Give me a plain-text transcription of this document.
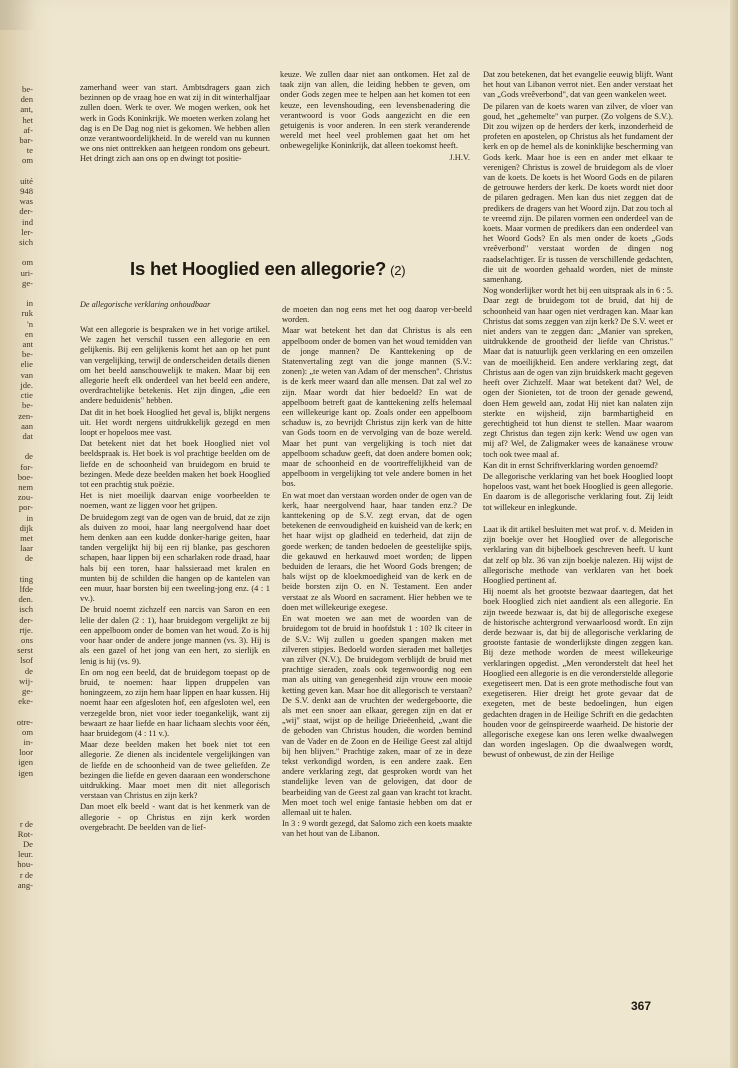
be-
den
ant,
het
af-
bar-
te
om

uité
948
was
der-
ind
ler-
sich

om
uri-
ge-

in
ruk
'n
en
ant
be-
elie
van
jde.
ctie
be-
zen-
aan
dat

de
for-
boe-
nem
zou-
por-
in
dijk
met
laar
de

ting
lfde
den.
isch
der-
rtje.
ons
serst
lsof
de
wij-
ge-
eke-

otre-
om
in-
loor
igen
igen

r de
Rot-
De
leur.
hou-
r de
ang-

zamerhand weer van start. Ambtsdragers gaan zich bezinnen op de vraag hoe en wat zij in dit winterhalfjaar zullen doen. Werk te over. We mogen werken, ook het werk in Gods Koninkrijk. We moeten werken zolang het dag is en De Dag nog niet is gekomen. We hebben allen onze verantwoordelijkheid. In de wereld van nu kunnen we ons niet onttrekken aan hetgeen rondom ons gebeurt. Het dringt zich aan ons op en dwingt tot positie-

keuze. We zullen daar niet aan ontkomen. Het zal de taak zijn van allen, die leiding hebben te geven, om onder Gods zegen mee te helpen aan het komen tot een keuze, een levenshouding, een levensbenadering die verantwoord is voor Gods aangezicht en die een getuigenis is voor anderen. In een sterk veranderende wereld met heel veel problemen gaat het om het onbewegelijke Koninkrijk, dat alleen toekomst heeft.

J.H.V.

Is het Hooglied een allegorie? (2)
De allegorische verklaring onhoudbaar

Wat een allegorie is bespraken we in het vorige artikel. We zagen het verschil tussen een allegorie en een gelijkenis. Bij een gelijkenis komt het aan op het punt van vergelijking, terwijl de onderscheiden details dienen om het beeld aanschouwelijk te maken. Maar bij een allegorie heeft elk onderdeel van het beeld een andere, overdrachtelijke betekenis. Het zijn dingen, „die een andere beduidenis" hebben.

Dat dit in het boek Hooglied het geval is, blijkt nergens uit. Het wordt nergens uitdrukkelijk gezegd en men loopt er hopeloos mee vast.

Dat betekent niet dat het boek Hooglied niet vol beeldspraak is. Het boek is vol prachtige beelden om de liefde en de schoonheid van bruidegom en bruid te bezingen. Mede deze beelden maken het boek Hooglied tot een prachtig stuk poëzie.

Het is niet moeilijk daarvan enige voorbeelden te noemen, want ze liggen voor het grijpen.

De bruidegom zegt van de ogen van de bruid, dat ze zijn als duiven zo mooi, haar lang neergolvend haar doet hem denken aan een kudde donker-harige geiten, haar tanden vergelijkt hij bij een rij blanke, pas geschoren schapen, haar lippen bij een scharlaken rode draad, haar hals bij een toren, haar halssieraad met kralen en munten bij de schilden die hangen op de kantelen van een muur, haar borsten bij een tweeling-jong enz. (4 : 1 vv.).

De bruid noemt zichzelf een narcis van Saron en een lelie der dalen (2 : 1), haar bruidegom vergelijkt ze bij een appelboom onder de bomen van het woud. Zo is hij voor haar onder de andere jonge mannen (vs. 3). Hij is als een gazel of het jong van een hert, zo sierlijk en lenig is hij (vs. 9).

En om nog een beeld, dat de bruidegom toepast op de bruid, te noemen: haar lippen druppelen van honingzeem, zo zijn hem haar lippen en haar kussen. Hij noemt haar een afgesloten hof, een afgesloten wel, een verzegelde bron, niet voor ieder toegankelijk, want zij bewaart ze haar liefde en haar lichaam slechts voor één, haar bruidegom (4 : 11 v.).

Maar deze beelden maken het boek niet tot een allegorie. Ze dienen als incidentele vergelijkingen van de liefde en de schoonheid van de twee geliefden. Ze bezingen die liefde en geven daaraan een wonderschone uitdrukking. Maar moet men dit niet allegorisch verstaan van Christus en zijn kerk?

Dan moet elk beeld - want dat is het kenmerk van de allegorie - op Christus en zijn kerk worden overgebracht. De beelden van de lief-

de moeten dan nog eens met het oog daarop ver-beeld worden.

Maar wat betekent het dan dat Christus is als een appelboom onder de bomen van het woud temidden van de jonge mannen? De Kanttekening op de Statenvertaling zegt van die jonge mannen (S.V.: zonen): „te weten van Adam of der menschen". Christus is de kerk meer waard dan alle mensen. Dat zal wel zo zijn. Maar wordt dat hier bedoeld? En wat de appelboom betreft gaat de kanttekening zelfs helemaal een willekeurige kant op. Zoals onder een appelboom schaduw is, zo bevrijdt Christus zijn kerk van de hitte van Gods toorn en de vervolging van de boze wereld. Maar het punt van vergelijking is toch niet dat appelboom schaduw geeft, dat doen andere bomen ook; maar de schoonheid en de voortreffelijkheid van de appelboom in vergelijking tot vele andere bomen in het bos.

En wat moet dan verstaan worden onder de ogen van de kerk, haar neergolvend haar, haar tanden enz.? De kanttekening op de S.V. zegt ervan, dat de ogen betekenen de eenvoudigheid en kuisheid van de kerk; en het haar wijst op gladheid en tederheid, dat zijn de goede werken; de tanden bedoelen de geestelijke spijs, die gekauwd en herkauwd moet worden; de lippen beduiden de leraars, die het Woord Gods brengen; de hals wijst op de kloekmoedigheid van de kerk en de beide borsten zijn O. en N. Testament. Een ander verstaat ze als Woord en sacrament. Hier hebben we te doen met willekeurige exegese.

En wat moeten we aan met de woorden van de bruidegom tot de bruid in hoofdstuk 1 : 10? Ik citeer in de S.V.: Wij zullen u goeden spangen maken met zilveren stipjes. Bedoeld worden sieraden met balletjes van zilver (N.V.). De bruidegom verblijdt de bruid met prachtige sieraden, zoals ook tegenwoordig nog een man als uiting van genegenheid zijn vrouw een mooie ketting geven kan. Maar hoe dit allegorisch te verstaan? De S.V. denkt aan de vruchten der wedergeboorte, die als met een snoer aan elkaar, geregen zijn en dat er „wij" staat, wijst op de heilige Drieëenheid, „want die de geboden van Christus houden, die worden bemind van de Vader en de Zoon en de Heilige Geest zal altijd bij hen blijven." Prachtige zaken, maar of ze in deze tekst verkondigd worden, is een andere zaak. Een andere verklaring zegt, dat gesproken wordt van het standelijke leven van de gelovigen, dat door de bearbeiding van de Geest zal gaan van kracht tot kracht. Men moet toch wel enige fantasie hebben om dat er allemaal uit te halen.

In 3 : 9 wordt gezegd, dat Salomo zich een koets maakte van het hout van de Libanon.

Dat zou betekenen, dat het evangelie eeuwig blijft. Want het hout van Libanon verrot niet. Een ander verstaat het van „Gods vreêverbond", dat van geen wankelen weet.

De pilaren van de koets waren van zilver, de vloer van goud, het „gehemelte" van purper. (Zo volgens de S.V.). Dit zou wijzen op de herders der kerk, inzonderheid de profeten en apostelen, op Christus als het fundament der kerk en op de hemel als de koninklijke bescherming van Gods kerk. Maar hoe is een en ander met elkaar te verenigen? Christus is zowel de bruidegom als de vloer van de koets. De koets is het Woord Gods en de pilaren de getrouwe herders der kerk. De koets wordt niet door de pilaren gedragen. Men kan dus niet zeggen dat de predikers de dragers van het Woord zijn. Dat zou toch al te vreemd zijn. De pilaren vormen een onderdeel van de koets. Maar vormen de predikers dan een onderdeel van het Woord Gods? En als men onder de koets „Gods vreêverbond" verstaat worden de dingen nog raadselachtiger. Er is tussen de verschillende gedachten, die uit de woorden gehaald worden, niet de minste samenhang.

Nog wonderlijker wordt het bij een uitspraak als in 6 : 5. Daar zegt de bruidegom tot de bruid, dat hij de schoonheid van haar ogen niet verdragen kan. Maar kan Christus dat soms zeggen van zijn kerk? De S.V. weet er niet anders van te zeggen dan: „Manier van spreken, uitdrukkende de grootheid der liefde van Christus." Maar dat is natuurlijk geen verklaring en een omzeilen van de moeilijkheid. Een andere verklaring zegt, dat Christus aan de ogen van zijn bruidskerk macht gegeven heeft over Zichzelf. Maar wat betekent dat? Wel, de ogen der Sionieten, tot de troon der genade gewend, doen Hem geweld aan, zodat Hij niet kan nalaten zijn sterkte en wijsheid, zijn barmhartigheid en gerechtigheid tot hun dienst te stellen. Maar waarom zegt Christus dan tegen zijn kerk: Wend uw ogen van mij af? Wel, de Zaligmaker wees de kanaänese vrouw toch ook twee maal af.

Kan dit in ernst Schriftverklaring worden genoemd?

De allegorische verklaring van het boek Hooglied loopt hopeloos vast, want het boek Hooglied is geen allegorie. En daarom is de allegorische verklaring fout. Zij leidt tot willekeur en inlegkunde.

Laat ik dit artikel besluiten met wat prof. v. d. Meiden in zijn boekje over het Hooglied over de allegorische verklaring van dit bijbelboek geschreven heeft. U kunt dat zelf op blz. 36 van zijn boekje nalezen. Hij wijst de allegorische methode van verklaren van het boek Hooglied pertinent af.

Hij noemt als het grootste bezwaar daartegen, dat het boek Hooglied zich niet aandient als een allegorie. En zijn tweede bezwaar is, dat bij de allegorische exegese de historische achtergrond verwaarloosd wordt. En zijn derde bezwaar is, dat bij de allegorische verklaring de grootste fantasie de wonderlijkste dingen zeggen kan. Bij deze methode worden de meest willekeurige verklaringen opgedist. „Men veronderstelt dat heel het Hooglied een allegorie is en die veronderstelde allegorie exegetiseert men. Dat is een grote methodische fout van exegetiseren. Hier dreigt het grote gevaar dat de exegeten, met de beste bedoelingen, hun eigen gedachten dragen in de Heilige Schrift en die gedachten houden voor de geïnspireerde waarheid. De historie der allegorische exegese kan ons leren welke dwaalwegen dan worden ingeslagen. Op die dwaalwegen wordt, bewust of onbewust, de zin der Heilige

367
